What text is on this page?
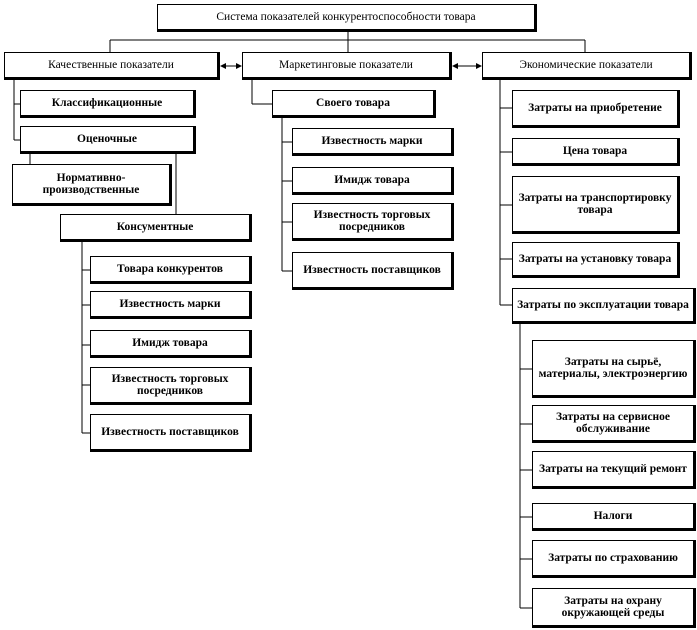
Система показателей конкурентоспособности товара
Качественные показатели	Маркетинговые показатели	Экономические показатели
Классификационные
Оценочные
Нормативно-производственные
Консументные
Товара конкурентов
Известность марки
Имидж товара
Известность торговых посредников
Известность поставщиков
Своего товара
Известность марки
Имидж товара
Известность торговых посредников
Известность поставщиков
Затраты на приобретение
Цена товара
Затраты на транспортировку товара
Затраты на установку товара
Затраты по эксплуатации товара
Затраты на сырьё, материалы, электроэнергию
Затраты на сервисное обслуживание
Затраты на текущий ремонт
Налоги
Затраты по страхованию
Затраты на охрану окружающей среды
